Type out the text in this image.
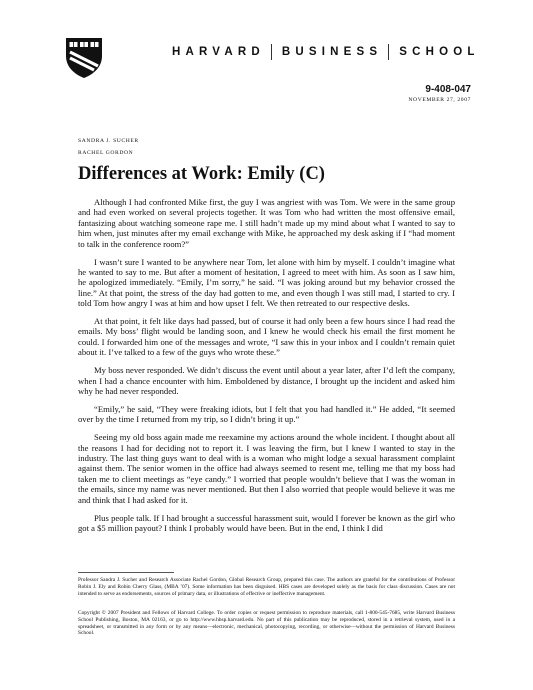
HARVARD BUSINESS SCHOOL
9-408-047
NOVEMBER 27, 2007
SANDRA J. SUCHER
RACHEL GORDON
Differences at Work: Emily (C)

Although I had confronted Mike first, the guy I was angriest with was Tom. We were in the same group and had even worked on several projects together. It was Tom who had written the most offensive email, fantasizing about watching someone rape me. I still hadn’t made up my mind about what I wanted to say to him when, just minutes after my email exchange with Mike, he approached my desk asking if I “had moment to talk in the conference room?”

I wasn’t sure I wanted to be anywhere near Tom, let alone with him by myself. I couldn’t imagine what he wanted to say to me. But after a moment of hesitation, I agreed to meet with him. As soon as I saw him, he apologized immediately. “Emily, I’m sorry,” he said. “I was joking around but my behavior crossed the line.” At that point, the stress of the day had gotten to me, and even though I was still mad, I started to cry. I told Tom how angry I was at him and how upset I felt. We then retreated to our respective desks.

At that point, it felt like days had passed, but of course it had only been a few hours since I had read the emails. My boss’ flight would be landing soon, and I knew he would check his email the first moment he could. I forwarded him one of the messages and wrote, “I saw this in your inbox and I couldn’t remain quiet about it. I’ve talked to a few of the guys who wrote these.”

My boss never responded. We didn’t discuss the event until about a year later, after I’d left the company, when I had a chance encounter with him. Emboldened by distance, I brought up the incident and asked him why he had never responded.

“Emily,” he said, “They were freaking idiots, but I felt that you had handled it.” He added, “It seemed over by the time I returned from my trip, so I didn’t bring it up.”

Seeing my old boss again made me reexamine my actions around the whole incident. I thought about all the reasons I had for deciding not to report it. I was leaving the firm, but I knew I wanted to stay in the industry. The last thing guys want to deal with is a woman who might lodge a sexual harassment complaint against them. The senior women in the office had always seemed to resent me, telling me that my boss had taken me to client meetings as “eye candy.” I worried that people wouldn’t believe that I was the woman in the emails, since my name was never mentioned. But then I also worried that people would believe it was me and think that I had asked for it.

Plus people talk. If I had brought a successful harassment suit, would I forever be known as the girl who got a $5 million payout? I think I probably would have been. But in the end, I think I did

Professor Sandra J. Sucher and Research Associate Rachel Gordon, Global Research Group, prepared this case. The authors are grateful for the contributions of Professor Robin J. Ely and Robin Cherry Glass, (MBA ’07). Some information has been disguised. HBS cases are developed solely as the basis for class discussion. Cases are not intended to serve as endorsements, sources of primary data, or illustrations of effective or ineffective management.

Copyright © 2007 President and Fellows of Harvard College. To order copies or request permission to reproduce materials, call 1-800-545-7685, write Harvard Business School Publishing, Boston, MA 02163, or go to http://www.hbsp.harvard.edu. No part of this publication may be reproduced, stored in a retrieval system, used in a spreadsheet, or transmitted in any form or by any means—electronic, mechanical, photocopying, recording, or otherwise—without the permission of Harvard Business School.
